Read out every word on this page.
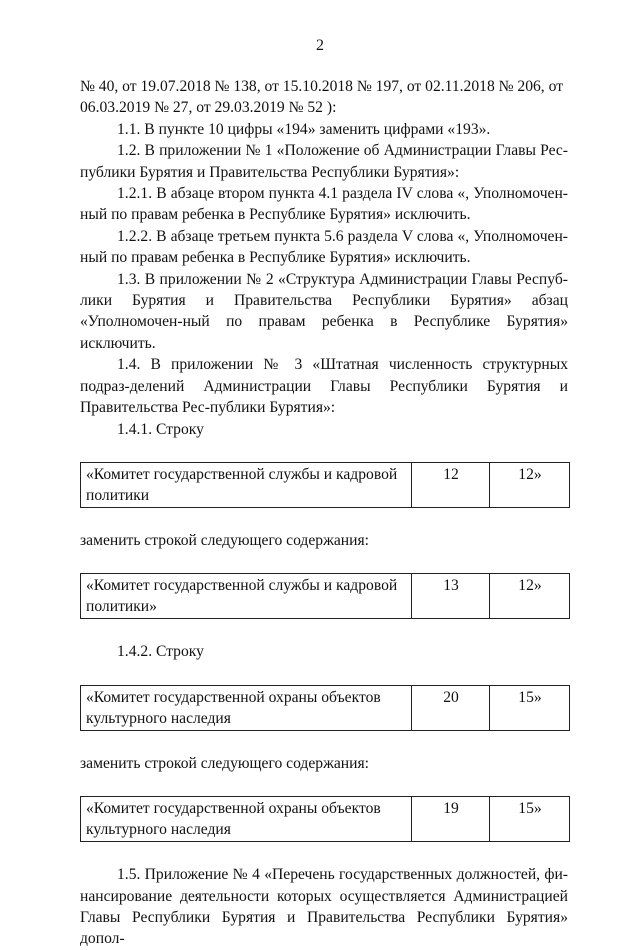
2

№ 40, от 19.07.2018 № 138, от 15.10.2018 № 197, от 02.11.2018 № 206, от

06.03.2019 № 27, от 29.03.2019 № 52 ):

1.1. В пункте 10 цифры «194» заменить цифрами «193».

1.2. В приложении № 1 «Положение об Администрации Главы Рес-публики Бурятия и Правительства Республики Бурятия»:

1.2.1. В абзаце втором пункта 4.1 раздела IV слова «, Уполномочен-ный по правам ребенка в Республике Бурятия» исключить.

1.2.2. В абзаце третьем пункта 5.6 раздела V слова «, Уполномочен-ный по правам ребенка в Республике Бурятия» исключить.

1.3. В приложении № 2 «Структура Администрации Главы Респуб-лики Бурятия и Правительства Республики Бурятия» абзац «Уполномочен-ный по правам ребенка в Республике Бурятия» исключить.

1.4. В приложении № 3 «Штатная численность структурных подраз-делений Администрации Главы Республики Бурятия и Правительства Рес-публики Бурятия»:

1.4.1. Строку

«Комитет государственной службы и кадровой политики	12	12»

заменить строкой следующего содержания:

«Комитет государственной службы и кадровой политики»	13	12»

1.4.2. Строку

«Комитет государственной охраны объектов культурного наследия	20	15»

заменить строкой следующего содержания:

«Комитет государственной охраны объектов культурного наследия	19	15»

1.5. Приложение № 4 «Перечень государственных должностей, фи-нансирование деятельности которых осуществляется Администрацией Главы Республики Бурятия и Правительства Республики Бурятия» допол-
